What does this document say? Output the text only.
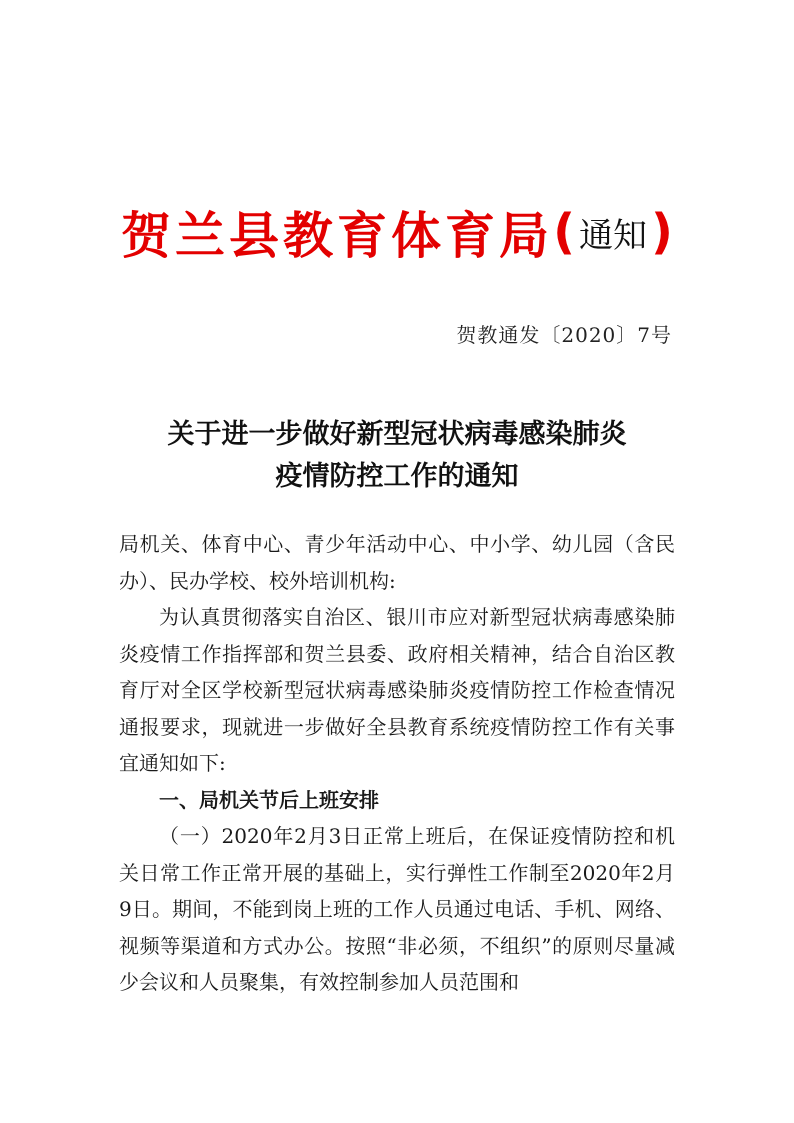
贺兰县教育体育局( 通知)
贺教通发〔2020〕7号
关于进一步做好新型冠状病毒感染肺炎
疫情防控工作的通知

局机关、体育中心、青少年活动中心、中小学、幼儿园（含民办）、民办学校、校外培训机构:

为认真贯彻落实自治区、银川市应对新型冠状病毒感染肺炎疫情工作指挥部和贺兰县委、政府相关精神，结合自治区教育厅对全区学校新型冠状病毒感染肺炎疫情防控工作检查情况通报要求，现就进一步做好全县教育系统疫情防控工作有关事宜通知如下:

一、局机关节后上班安排

（一）2020年2月3日正常上班后，在保证疫情防控和机关日常工作正常开展的基础上，实行弹性工作制至2020年2月9日。期间，不能到岗上班的工作人员通过电话、手机、网络、视频等渠道和方式办公。按照“非必须，不组织”的原则尽量减少会议和人员聚集，有效控制参加人员范围和
